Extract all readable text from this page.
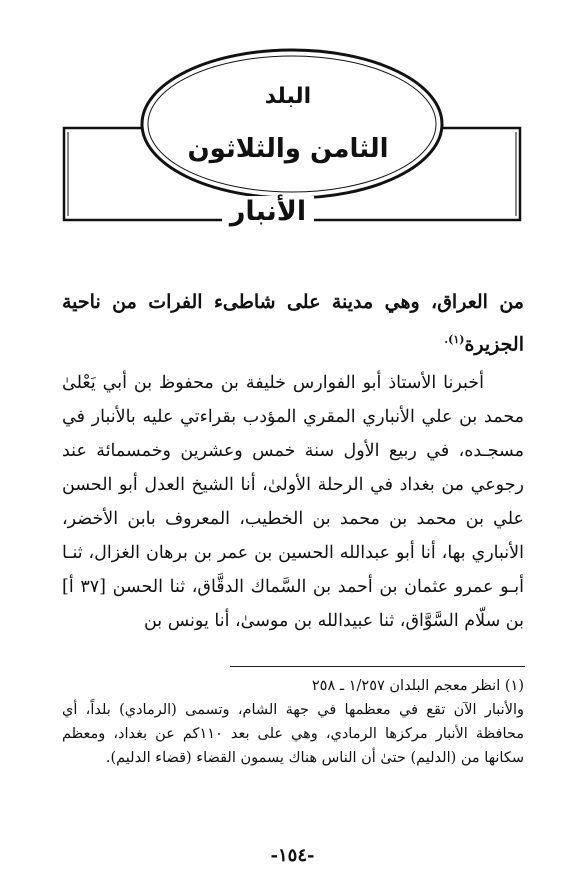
البلد
الثامن والثلاثون
الأنبار

من العراق، وهي مدينة على شاطىء الفرات من ناحية الجزيرة$^{(١).}$

أخبرنا الأستاذ أبو الفوارس خليفة بن محفوظ بن أبي يَعْلىٰ محمد بن علي الأنباري المقري المؤدب بقراءتي عليه بالأنبار في مسجـده، في ربيع الأول سنة خمس وعشرين وخمسمائة عند رجوعي من بغداد في الرحلة الأولىٰ، أنا الشيخ العدل أبو الحسن علي بن محمد بن محمد بن الخطيب، المعروف بابن الأخضر، الأنباري بها، أنا أبو عبدالله الحسين بن عمر بن برهان الغزال، ثنـا أبـو عمرو عثمان بن أحمد بن السَّماك الدقَّاق، ثنا الحسن [٣٧ أ] بن سلّام السَّوَّاق، ثنا عبيدالله بن موسىٰ، أنا يونس بن

(١) انظر معجم البلدان ١/٢٥٧ ـ ٢٥٨

والأنبار الآن تقع في معظمها في جهة الشام، وتسمى (الرمادي) بلداً، أي محافظة الأنبار مركزها الرمادي، وهي على بعد ١١٠كم عن بغداد، ومعظم سكانها من (الدليم) حتىٰ أن الناس هناك يسمون القضاء (قضاء الدليم).

-١٥٤-
